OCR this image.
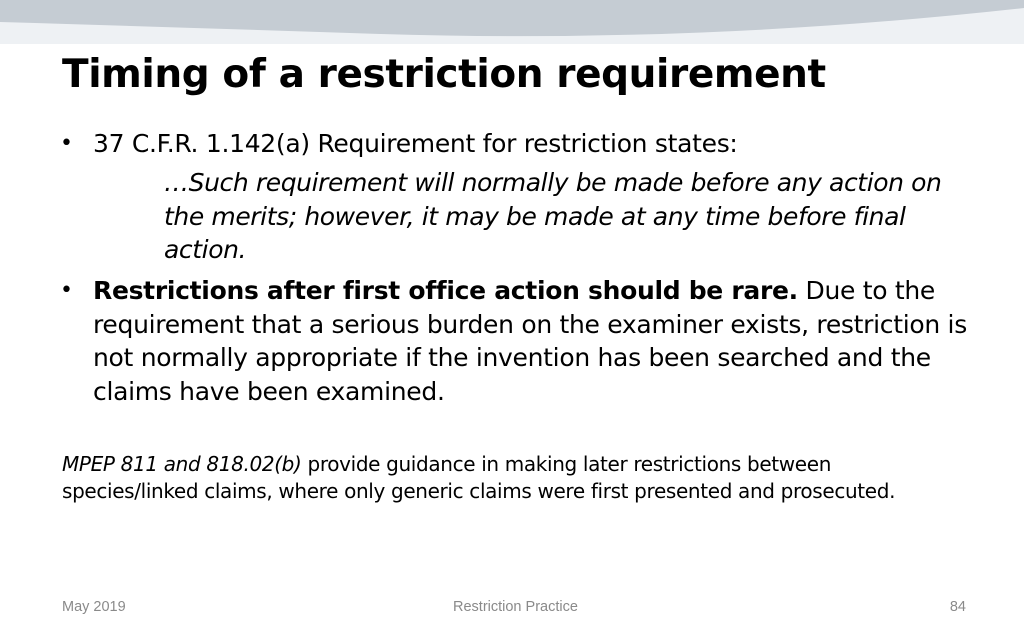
Timing of a restriction requirement
• 37 C.F.R. 1.142(a) Requirement for restriction states:
…Such requirement will normally be made before any action on the merits; however, it may be made at any time before final action.
• Restrictions after first office action should be rare. Due to the requirement that a serious burden on the examiner exists, restriction is not normally appropriate if the invention has been searched and the claims have been examined.
MPEP 811 and 818.02(b) provide guidance in making later restrictions between species/linked claims, where only generic claims were first presented and prosecuted.
May 2019	Restriction Practice	84
